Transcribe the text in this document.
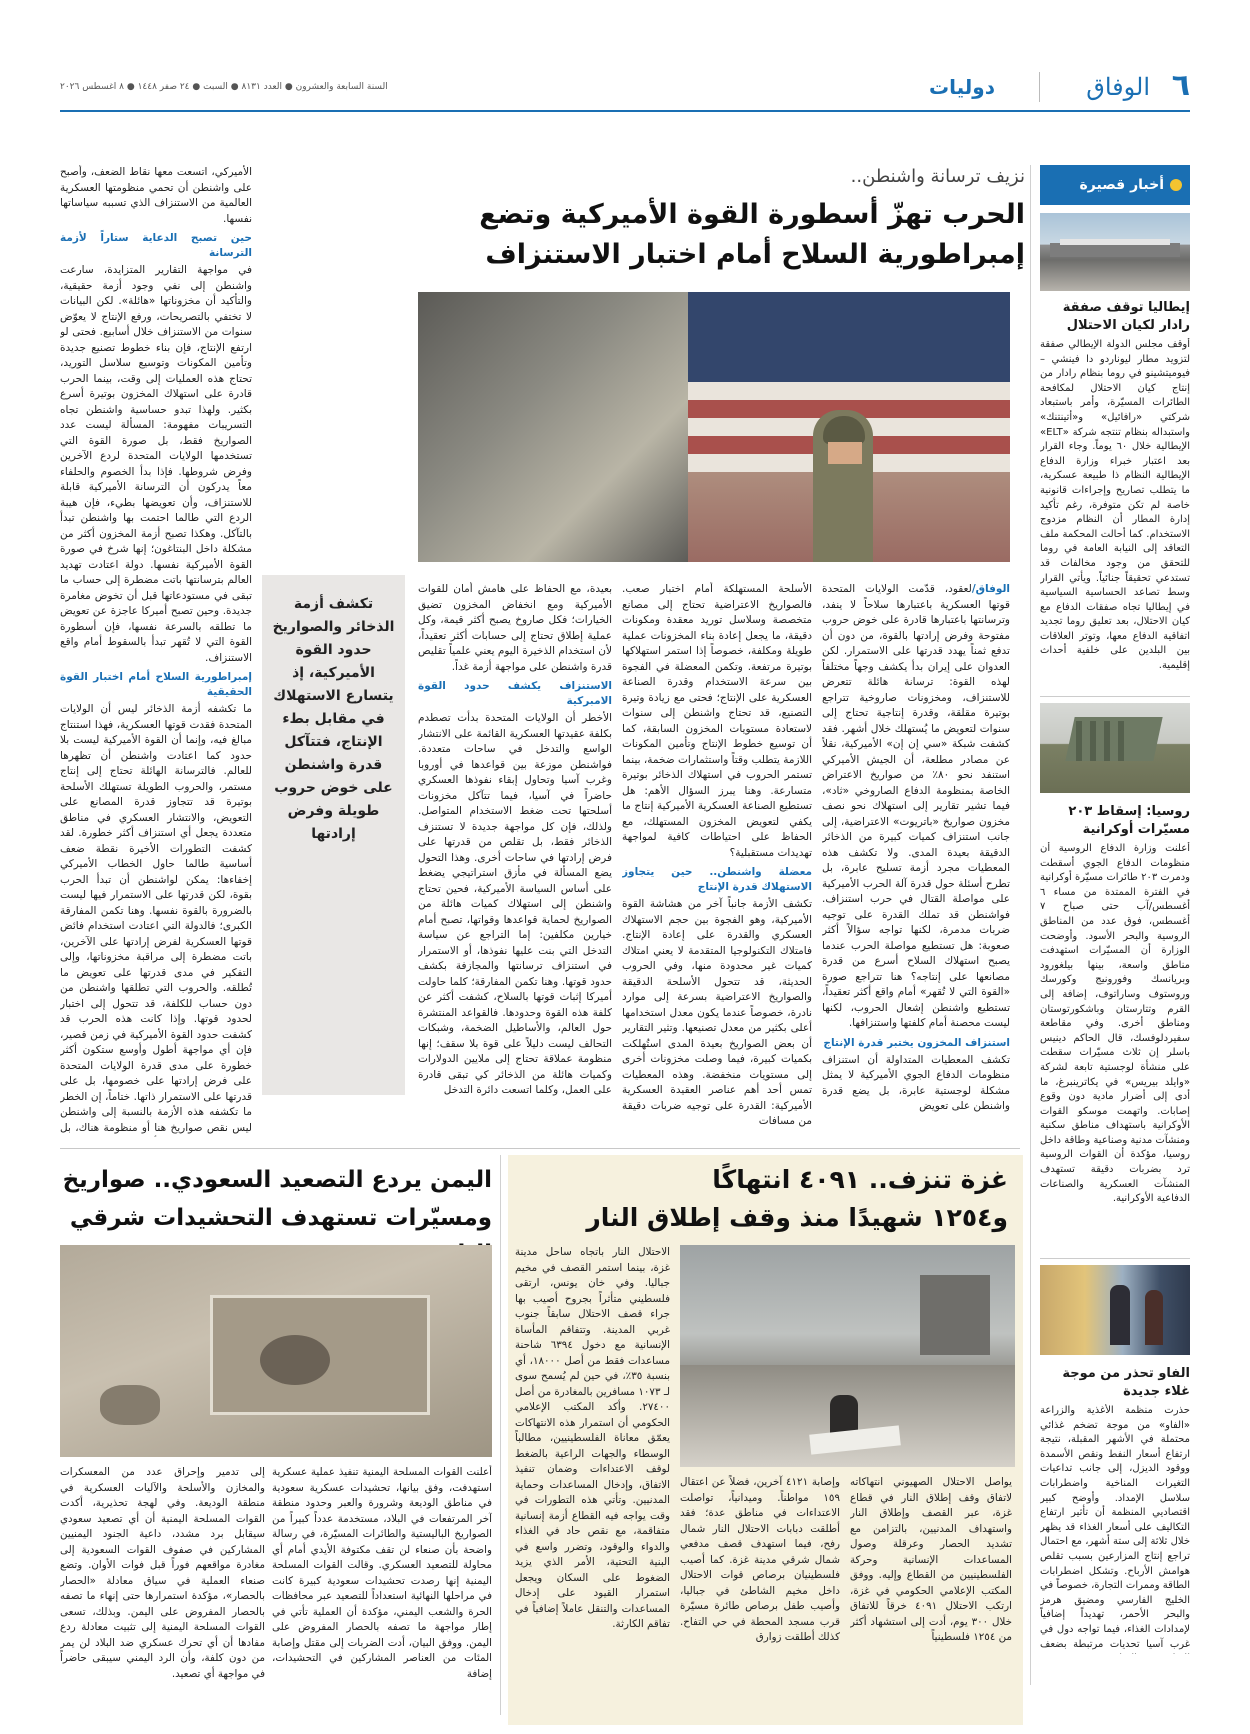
٦
الوفاق
دوليات
السنة السابعة والعشرون ● العدد ٨١٣١ ● السبت ● ٢٤ صفر ١٤٤٨ ● ٨ اغسطس ٢٠٢٦
أخبار قصيرة
إيطاليا توقف صفقة رادار لكيان الاحتلال
أوقف مجلس الدولة الإيطالي صفقة لتزويد مطار ليوناردو دا فينشي – فيوميتشينو في روما بنظام رادار من إنتاج كيان الاحتلال لمكافحة الطائرات المسيّرة، وأمر باستبعاد شركتي «رافائيل» و«أتينتنك» واستبداله بنظام تنتجه شركة «ELT» الإيطالية خلال ٦٠ يوماً. وجاء القرار بعد اعتبار خبراء وزارة الدفاع الإيطالية النظام ذا طبيعة عسكرية، ما يتطلب تصاريح وإجراءات قانونية خاصة لم تكن متوفرة، رغم تأكيد إدارة المطار أن النظام مزدوج الاستخدام. كما أحالت المحكمة ملف التعاقد إلى النيابة العامة في روما للتحقق من وجود مخالفات قد تستدعي تحقيقاً جنائياً. ويأتي القرار وسط تصاعد الحساسية السياسية في إيطاليا تجاه صفقات الدفاع مع كيان الاحتلال، بعد تعليق روما تجديد اتفاقية الدفاع معها، وتوتر العلاقات بين البلدين على خلفية أحداث إقليمية.
روسيا: إسقاط ٢٠٣ مسيّرات أوكرانية
أعلنت وزارة الدفاع الروسية أن منظومات الدفاع الجوي أسقطت ودمرت ٢٠٣ طائرات مسيّرة أوكرانية في الفترة الممتدة من مساء ٦ أغسطس/آب حتى صباح ٧ أغسطس، فوق عدد من المناطق الروسية والبحر الأسود. وأوضحت الوزارة أن المسيّرات استهدفت مناطق واسعة، بينها بيلغورود وبريانسك وفورونيج وكورسك وروستوف وساراتوف، إضافة إلى القرم وتتارستان وباشكورتوستان ومناطق أخرى. وفي مقاطعة سفيردلوفسك، قال الحاكم دينيس باسلر إن ثلاث مسيّرات سقطت على منشأة لوجستية تابعة لشركة «وايلد بيريس» في يكاترينبرغ، ما أدى إلى أضرار مادية دون وقوع إصابات. واتهمت موسكو القوات الأوكرانية باستهداف مناطق سكنية ومنشآت مدنية وصناعية وطاقة داخل روسيا، مؤكدة أن القوات الروسية ترد بضربات دقيقة تستهدف المنشآت العسكرية والصناعات الدفاعية الأوكرانية.
الفاو تحذر من موجة غلاء جديدة
حذرت منظمة الأغذية والزراعة «الفاو» من موجة تضخم غذائي محتملة في الأشهر المقبلة، نتيجة ارتفاع أسعار النفط ونقص الأسمدة ووقود الديزل، إلى جانب تداعيات التغيرات المناخية واضطرابات سلاسل الإمداد. وأوضح كبير اقتصاديي المنظمة أن تأثير ارتفاع التكاليف على أسعار الغذاء قد يظهر خلال ثلاثة إلى ستة أشهر، مع احتمال تراجع إنتاج المزارعين بسبب تقلص هوامش الأرباح. وتشكل اضطرابات الطاقة وممرات التجارة، خصوصاً في الخليج الفارسي ومضيق هرمز والبحر الأحمر، تهديداً إضافياً لإمدادات الغذاء، فيما تواجه دول في غرب آسيا تحديات مرتبطة بضعف
نزيف ترسانة واشنطن..
الحرب تهزّ أسطورة القوة الأميركية وتضع إمبراطورية السلاح أمام اختبار الاستنزاف
تكشف أزمة الذخائر والصواريخ حدود القوة الأميركية، إذ يتسارع الاستهلاك في مقابل بطء الإنتاج، فتتآكل قدرة واشنطن على خوض حروب طويلة وفرض إرادتها
الوفاق/لعقود، قدّمت الولايات المتحدة قوتها العسكرية باعتبارها سلاحاً لا ينفد، وترسانتها باعتبارها قادرة على خوض حروب مفتوحة وفرض إرادتها بالقوة، من دون أن تدفع ثمناً يهدد قدرتها على الاستمرار. لكن العدوان على إيران بدأ يكشف وجهاً مختلفاً لهذه القوة: ترسانة هائلة تتعرض للاستنزاف، ومخزونات صاروخية تتراجع بوتيرة مقلقة، وقدرة إنتاجية تحتاج إلى سنوات لتعويض ما يُستهلك خلال أشهر. فقد كشفت شبكة «سي إن إن» الأميركية، نقلاً عن مصادر مطلعة، أن الجيش الأميركي استنفد نحو ٨٠٪ من صواريخ الاعتراض الخاصة بمنظومة الدفاع الصاروخي «ثاد»، فيما تشير تقارير إلى استهلاك نحو نصف مخزون صواريخ «باتريوت» الاعتراضية، إلى جانب استنزاف كميات كبيرة من الذخائر الدقيقة بعيدة المدى. ولا تكشف هذه المعطيات مجرد أزمة تسليح عابرة، بل تطرح أسئلة حول قدرة آلة الحرب الأميركية على مواصلة القتال في حرب استنزاف. فواشنطن قد تملك القدرة على توجيه ضربات مدمرة، لكنها تواجه سؤالاً أكثر صعوبة: هل تستطيع مواصلة الحرب عندما يصبح استهلاك السلاح أسرع من قدرة مصانعها على إنتاجه؟ هنا تتراجع صورة «القوة التي لا تُقهر» أمام واقع أكثر تعقيداً، تستطيع واشنطن إشعال الحروب، لكنها ليست محصنة أمام كلفتها واستنزافها.
استنزاف المخزون يختبر قدرة الإنتاج

تكشف المعطيات المتداولة أن استنزاف منظومات الدفاع الجوي الأميركية لا يمثل مشكلة لوجستية عابرة، بل يضع قدرة واشنطن على تعويض

الأسلحة المستهلكة أمام اختبار صعب. فالصواريخ الاعتراضية تحتاج إلى مصانع متخصصة وسلاسل توريد معقدة ومكونات دقيقة، ما يجعل إعادة بناء المخزونات عملية طويلة ومكلفة، خصوصاً إذا استمر استهلاكها بوتيرة مرتفعة. وتكمن المعضلة في الفجوة بين سرعة الاستخدام وقدرة الصناعة العسكرية على الإنتاج؛ فحتى مع زيادة وتيرة التصنيع، قد تحتاج واشنطن إلى سنوات لاستعادة مستويات المخزون السابقة، كما أن توسيع خطوط الإنتاج وتأمين المكونات اللازمة يتطلب وقتاً واستثمارات ضخمة، بينما تستمر الحروب في استهلاك الذخائر بوتيرة متسارعة. وهنا يبرز السؤال الأهم: هل تستطيع الصناعة العسكرية الأميركية إنتاج ما يكفي لتعويض المخزون المستهلك، مع الحفاظ على احتياطات كافية لمواجهة تهديدات مستقبلية؟

معضلة واشنطن.. حين يتجاوز الاستهلاك قدرة الإنتاج

تكشف الأزمة جانباً آخر من هشاشة القوة الأميركية، وهو الفجوة بين حجم الاستهلاك العسكري والقدرة على إعادة الإنتاج. فامتلاك التكنولوجيا المتقدمة لا يعني امتلاك كميات غير محدودة منها، وفي الحروب الحديثة، قد تتحول الأسلحة الدقيقة والصواريخ الاعتراضية بسرعة إلى موارد نادرة، خصوصاً عندما يكون معدل استخدامها أعلى بكثير من معدل تصنيعها. وتثير التقارير أن بعض الصواريخ بعيدة المدى استُهلكت بكميات كبيرة، فيما وصلت مخزونات أخرى إلى مستويات منخفضة. وهذه المعطيات تمس أحد أهم عناصر العقيدة العسكرية الأميركية: القدرة على توجيه ضربات دقيقة من مسافات

بعيدة، مع الحفاظ على هامش أمان للقوات الأميركية ومع انخفاض المخزون تضيق الخيارات؛ فكل صاروخ يصبح أكثر قيمة، وكل عملية إطلاق تحتاج إلى حسابات أكثر تعقيداً، لأن استخدام الذخيرة اليوم يعني علمياً تقليص قدرة واشنطن على مواجهة أزمة غداً.

الاستنزاف يكشف حدود القوة الامبركية

الأخطر أن الولايات المتحدة بدأت تصطدم بكلفة عقيدتها العسكرية القائمة على الانتشار الواسع والتدخل في ساحات متعددة. فواشنطن موزعة بين قواعدها في أوروبا وغرب آسيا وتحاول إبقاء نفوذها العسكري حاضراً في آسيا، فيما تتآكل مخزونات أسلحتها تحت ضغط الاستخدام المتواصل. ولذلك، فإن كل مواجهة جديدة لا تستنزف الذخائر فقط، بل تقلص من قدرتها على فرض إرادتها في ساحات أخرى. وهذا التحول يضع المسألة في مأزق استراتيجي يضغط على أساس السياسة الأميركية، فحين تحتاج واشنطن إلى استهلاك كميات هائلة من الصواريخ لحماية قواعدها وقواتها، تصبح أمام خيارين مكلفين: إما التراجع عن سياسة التدخل التي بنت عليها نفوذها، أو الاستمرار في استنزاف ترسانتها والمجازفة بكشف حدود قوتها. وهنا تكمن المفارقة؛ كلما حاولت أميركا إثبات قوتها بالسلاح، كشفت أكثر عن كلفة هذه القوة وحدودها. فالقواعد المنتشرة حول العالم، والأساطيل الضخمة، وشبكات التحالف ليست دليلاً على قوة بلا سقف؛ إنها منظومة عملاقة تحتاج إلى ملايين الدولارات وكميات هائلة من الذخائر كي تبقى قادرة على العمل، وكلما اتسعت دائرة التدخل

الأميركي، اتسعت معها نقاط الضعف، وأصبح على واشنطن أن تحمي منظومتها العسكرية العالمية من الاستنزاف الذي تسببه سياساتها نفسها.

حين تصبح الدعاية ستاراً لأزمة الترسانة

في مواجهة التقارير المتزايدة، سارعت واشنطن إلى نفي وجود أزمة حقيقية، والتأكيد أن مخزوناتها «هائلة». لكن البيانات لا تختفي بالتصريحات، ورفع الإنتاج لا يعوّض سنوات من الاستنزاف خلال أسابيع. فحتى لو ارتفع الإنتاج، فإن بناء خطوط تصنيع جديدة وتأمين المكونات وتوسيع سلاسل التوريد، تحتاج هذه العمليات إلى وقت، بينما الحرب قادرة على استهلاك المخزون بوتيرة أسرع بكثير. ولهذا تبدو حساسية واشنطن تجاه التسريبات مفهومة: المسألة ليست عدد الصواريخ فقط، بل صورة القوة التي تستخدمها الولايات المتحدة لردع الآخرين وفرض شروطها. فإذا بدأ الخصوم والحلفاء معاً يدركون أن الترسانة الأميركية قابلة للاستنزاف، وأن تعويضها بطيء، فإن هيبة الردع التي طالما احتمت بها واشنطن تبدأ بالتآكل. وهكذا تصبح أزمة المخزون أكثر من مشكلة داخل البنتاغون؛ إنها شرخ في صورة القوة الأميركية نفسها. دولة اعتادت تهديد العالم بترسانتها باتت مضطرة إلى حساب ما تبقى في مستودعاتها قبل أن تخوض مغامرة جديدة. وحين تصبح أميركا عاجزة عن تعويض ما تطلقه بالسرعة نفسها، فإن أسطورة القوة التي لا تُقهر تبدأ بالسقوط أمام واقع الاستنزاف.

إمبراطورية السلاح أمام اختبار القوة الحقيقية

ما تكشفه أزمة الذخائر ليس أن الولايات المتحدة فقدت قوتها العسكرية، فهذا استنتاج مبالغ فيه، وإنما أن القوة الأميركية ليست بلا حدود كما اعتادت واشنطن أن تظهرها للعالم. فالترسانة الهائلة تحتاج إلى إنتاج مستمر، والحروب الطويلة تستهلك الأسلحة بوتيرة قد تتجاوز قدرة المصانع على التعويض، والانتشار العسكري في مناطق متعددة يجعل أي استنزاف أكثر خطورة. لقد كشفت التطورات الأخيرة نقطة ضعف أساسية طالما حاول الخطاب الأميركي إخفاءها: يمكن لواشنطن أن تبدأ الحرب بقوة، لكن قدرتها على الاستمرار فيها ليست بالضرورة بالقوة نفسها. وهنا تكمن المفارقة الكبرى؛ فالدولة التي اعتادت استخدام فائض قوتها العسكرية لفرض إرادتها على الآخرين، باتت مضطرة إلى مراقبة مخزوناتها، وإلى التفكير في مدى قدرتها على تعويض ما تُطلقه. والحروب التي تطلقها واشنطن من دون حساب للكلفة، قد تتحول إلى اختبار لحدود قوتها. وإذا كانت هذه الحرب قد كشفت حدود القوة الأميركية في زمن قصير، فإن أي مواجهة أطول وأوسع ستكون أكثر خطورة على مدى قدرة الولايات المتحدة على فرض إرادتها على خصومها، بل على قدرتها على الاستمرار ذاتها. ختاماً، إن الخطر ما تكشفه هذه الأزمة بالنسبة إلى واشنطن ليس نقص صواريخ هنا أو منظومة هناك، بل

غزة تنزف.. ٤٠٩١ انتهاكًا
و١٢٥٤ شهيدًا منذ وقف إطلاق النار

الاحتلال النار باتجاه ساحل مدينة غزة، بينما استمر القصف في مخيم جباليا. وفي خان يونس، ارتقى فلسطيني متأثراً بجروح أصيب بها جراء قصف الاحتلال سابقاً جنوب غربي المدينة. وتتفاقم المأساة الإنسانية مع دخول ٦٣٩٤ شاحنة مساعدات فقط من أصل ١٨٠٠٠، أي بنسبة ٣٥٪، في حين لم يُسمح سوى لـ ١٠٧٣ مسافرين بالمغادرة من أصل ٢٧٤٠٠. وأكد المكتب الإعلامي الحكومي أن استمرار هذه الانتهاكات يعمّق معاناة الفلسطينيين، مطالباً الوسطاء والجهات الراعية بالضغط لوقف الاعتداءات وضمان تنفيذ الاتفاق، وإدخال المساعدات وحماية المدنيين. وتأتي هذه التطورات في وقت يواجه فيه القطاع أزمة إنسانية متفاقمة، مع نقص حاد في الغذاء والدواء والوقود، وتضرر واسع في البنية التحتية، الأمر الذي يزيد الضغوط على السكان ويجعل استمرار القيود على إدخال المساعدات والتنقل عاملاً إضافياً في تفاقم الكارثة.

وإصابة ٤١٢١ آخرين، فضلاً عن اعتقال ١٥٩ مواطناً. وميدانياً، تواصلت الاعتداءات في مناطق عدة؛ فقد أطلقت دبابات الاحتلال النار شمال رفح، فيما استهدف قصف مدفعي شمال شرقي مدينة غزة. كما أصيب فلسطينيان برصاص قوات الاحتلال داخل مخيم الشاطئ في جباليا، وأصيب طفل برصاص طائرة مسيّرة قرب مسجد المحطة في حي التفاح. كذلك أطلقت زوارق

يواصل الاحتلال الصهيوني انتهاكاته لاتفاق وقف إطلاق النار في قطاع غزة، عبر القصف وإطلاق النار واستهداف المدنيين، بالتزامن مع تشديد الحصار وعرقلة وصول المساعدات الإنسانية وحركة الفلسطينيين من القطاع وإليه. ووفق المكتب الإعلامي الحكومي في غزة، ارتكب الاحتلال ٤٠٩١ خرقاً للاتفاق خلال ٣٠٠ يوم، أدت إلى استشهاد أكثر من ١٢٥٤ فلسطينياً

اليمن يردع التصعيد السعودي.. صواريخ
ومسيّرات تستهدف التحشيدات شرقي

أعلنت القوات المسلحة اليمنية تنفيذ عملية عسكرية استهدفت، وفق بيانها، تحشيدات عسكرية سعودية في مناطق الوديعة وشرورة والعبر وحدود منطقة آخر المرتفعات في البلاد، مستخدمة عدداً كبيراً من الصواريخ الباليستية والطائرات المسيّرة، في رسالة واضحة بأن صنعاء لن تقف مكتوفة الأيدي أمام أي محاولة للتصعيد العسكري. وقالت القوات المسلحة اليمنية إنها رصدت تحشيدات سعودية كبيرة كانت في مراحلها النهائية استعداداً للتصعيد عبر محافظات الحرة والشعب اليمني، مؤكدة أن العملية تأتي في إطار مواجهة ما تصفه بالحصار المفروض على اليمن. ووفق البيان، أدت الضربات إلى مقتل وإصابة المئات من العناصر المشاركين في التحشيدات، إضافة

إلى تدمير وإحراق عدد من المعسكرات والمخازن والأسلحة والآليات العسكرية في منطقة الوديعة. وفي لهجة تحذيرية، أكدت القوات المسلحة اليمنية أن أي تصعيد سعودي سيقابل برد مشدد، داعية الجنود اليمنيين المشاركين في صفوف القوات السعودية إلى مغادرة مواقعهم فوراً قبل فوات الأوان. وتضع صنعاء العملية في سياق معادلة «الحصار بالحصار»، مؤكدة استمرارها حتى إنهاء ما تصفه بالحصار المفروض على اليمن. وبذلك، تسعى القوات المسلحة اليمنية إلى تثبيت معادلة ردع مفادها أن أي تحرك عسكري ضد البلاد لن يمر من دون كلفة، وأن الرد اليمني سيبقى حاضراً في مواجهة أي تصعيد.
